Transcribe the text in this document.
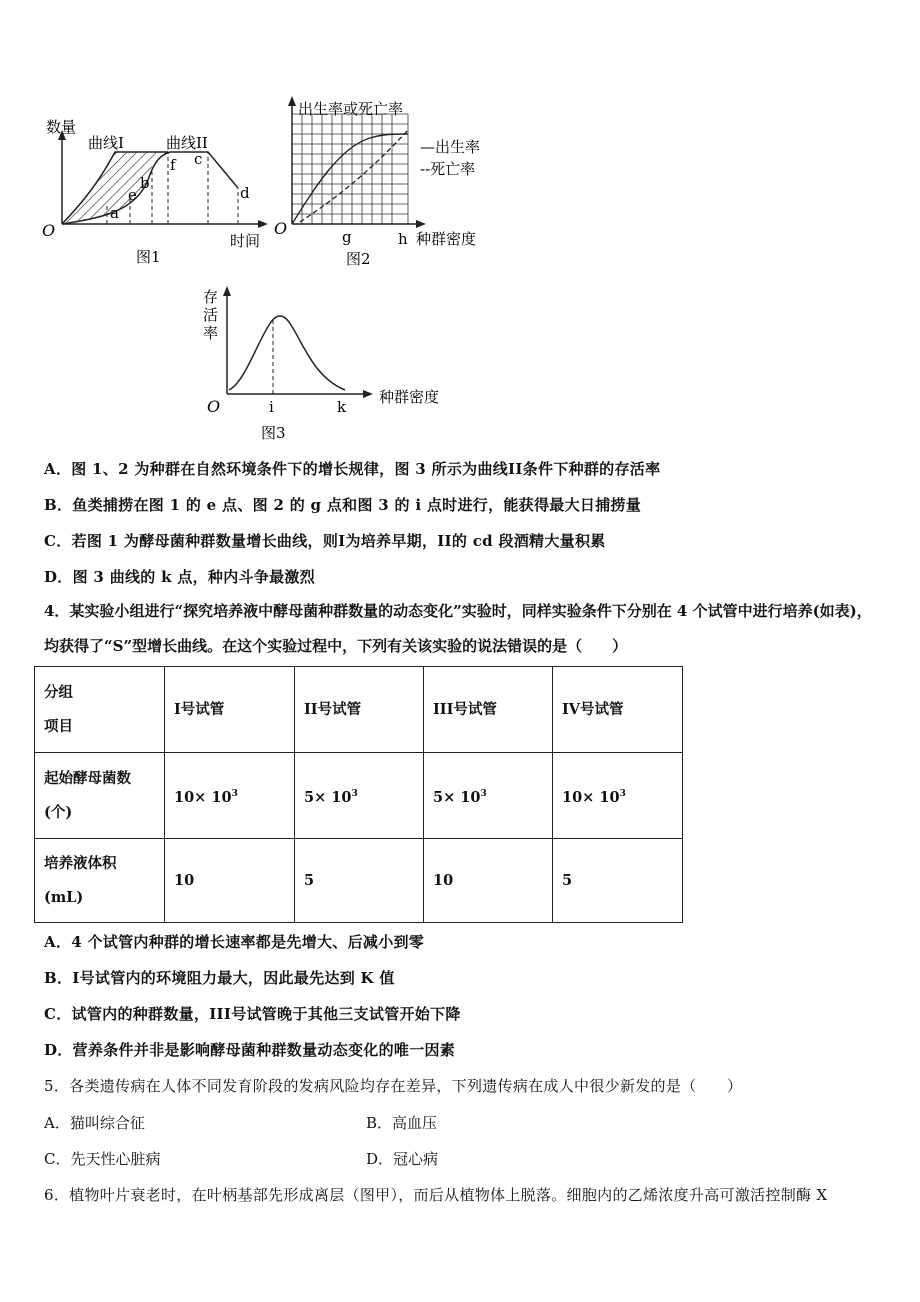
数量
曲线I	曲线II
O
时间
a
e
b
f c
d
图1
出生率或死亡率
—出生率
--死亡率
O	g	h 种群密度
图2
存
活
率
O	i	k
种群密度
图3
A．图 1、2 为种群在自然环境条件下的增长规律，图 3 所示为曲线II条件下种群的存活率
B．鱼类捕捞在图 1 的 e 点、图 2 的 g 点和图 3 的 i 点时进行，能获得最大日捕捞量
C．若图 1 为酵母菌种群数量增长曲线，则I为培养早期，II的 cd 段酒精大量积累
D．图 3 曲线的 k 点，种内斗争最激烈
4．某实验小组进行“探究培养液中酵母菌种群数量的动态变化”实验时，同样实验条件下分别在 4 个试管中进行培养(如表)，均获得了“S”型增长曲线。在这个实验过程中，下列有关该实验的说法错误的是（　　）
分组
项目	I号试管	II号试管	III号试管	IV号试管

起始酵母菌数
(个)	$10\times 10^3$	$5\times 10^3$	$5\times 10^3$	$10\times 10^3$

培养液体积
(mL)	10	5	10	5
A．4 个试管内种群的增长速率都是先增大、后减小到零
B．I号试管内的环境阻力最大，因此最先达到 K 值
C．试管内的种群数量，III号试管晚于其他三支试管开始下降
D．营养条件并非是影响酵母菌种群数量动态变化的唯一因素
5．各类遗传病在人体不同发育阶段的发病风险均存在差异，下列遗传病在成人中很少新发的是（　　）
A．猫叫综合征	B．高血压
C．先天性心脏病	D．冠心病
6．植物叶片衰老时，在叶柄基部先形成离层（图甲），而后从植物体上脱落。细胞内的乙烯浓度升高可激活控制酶 X
